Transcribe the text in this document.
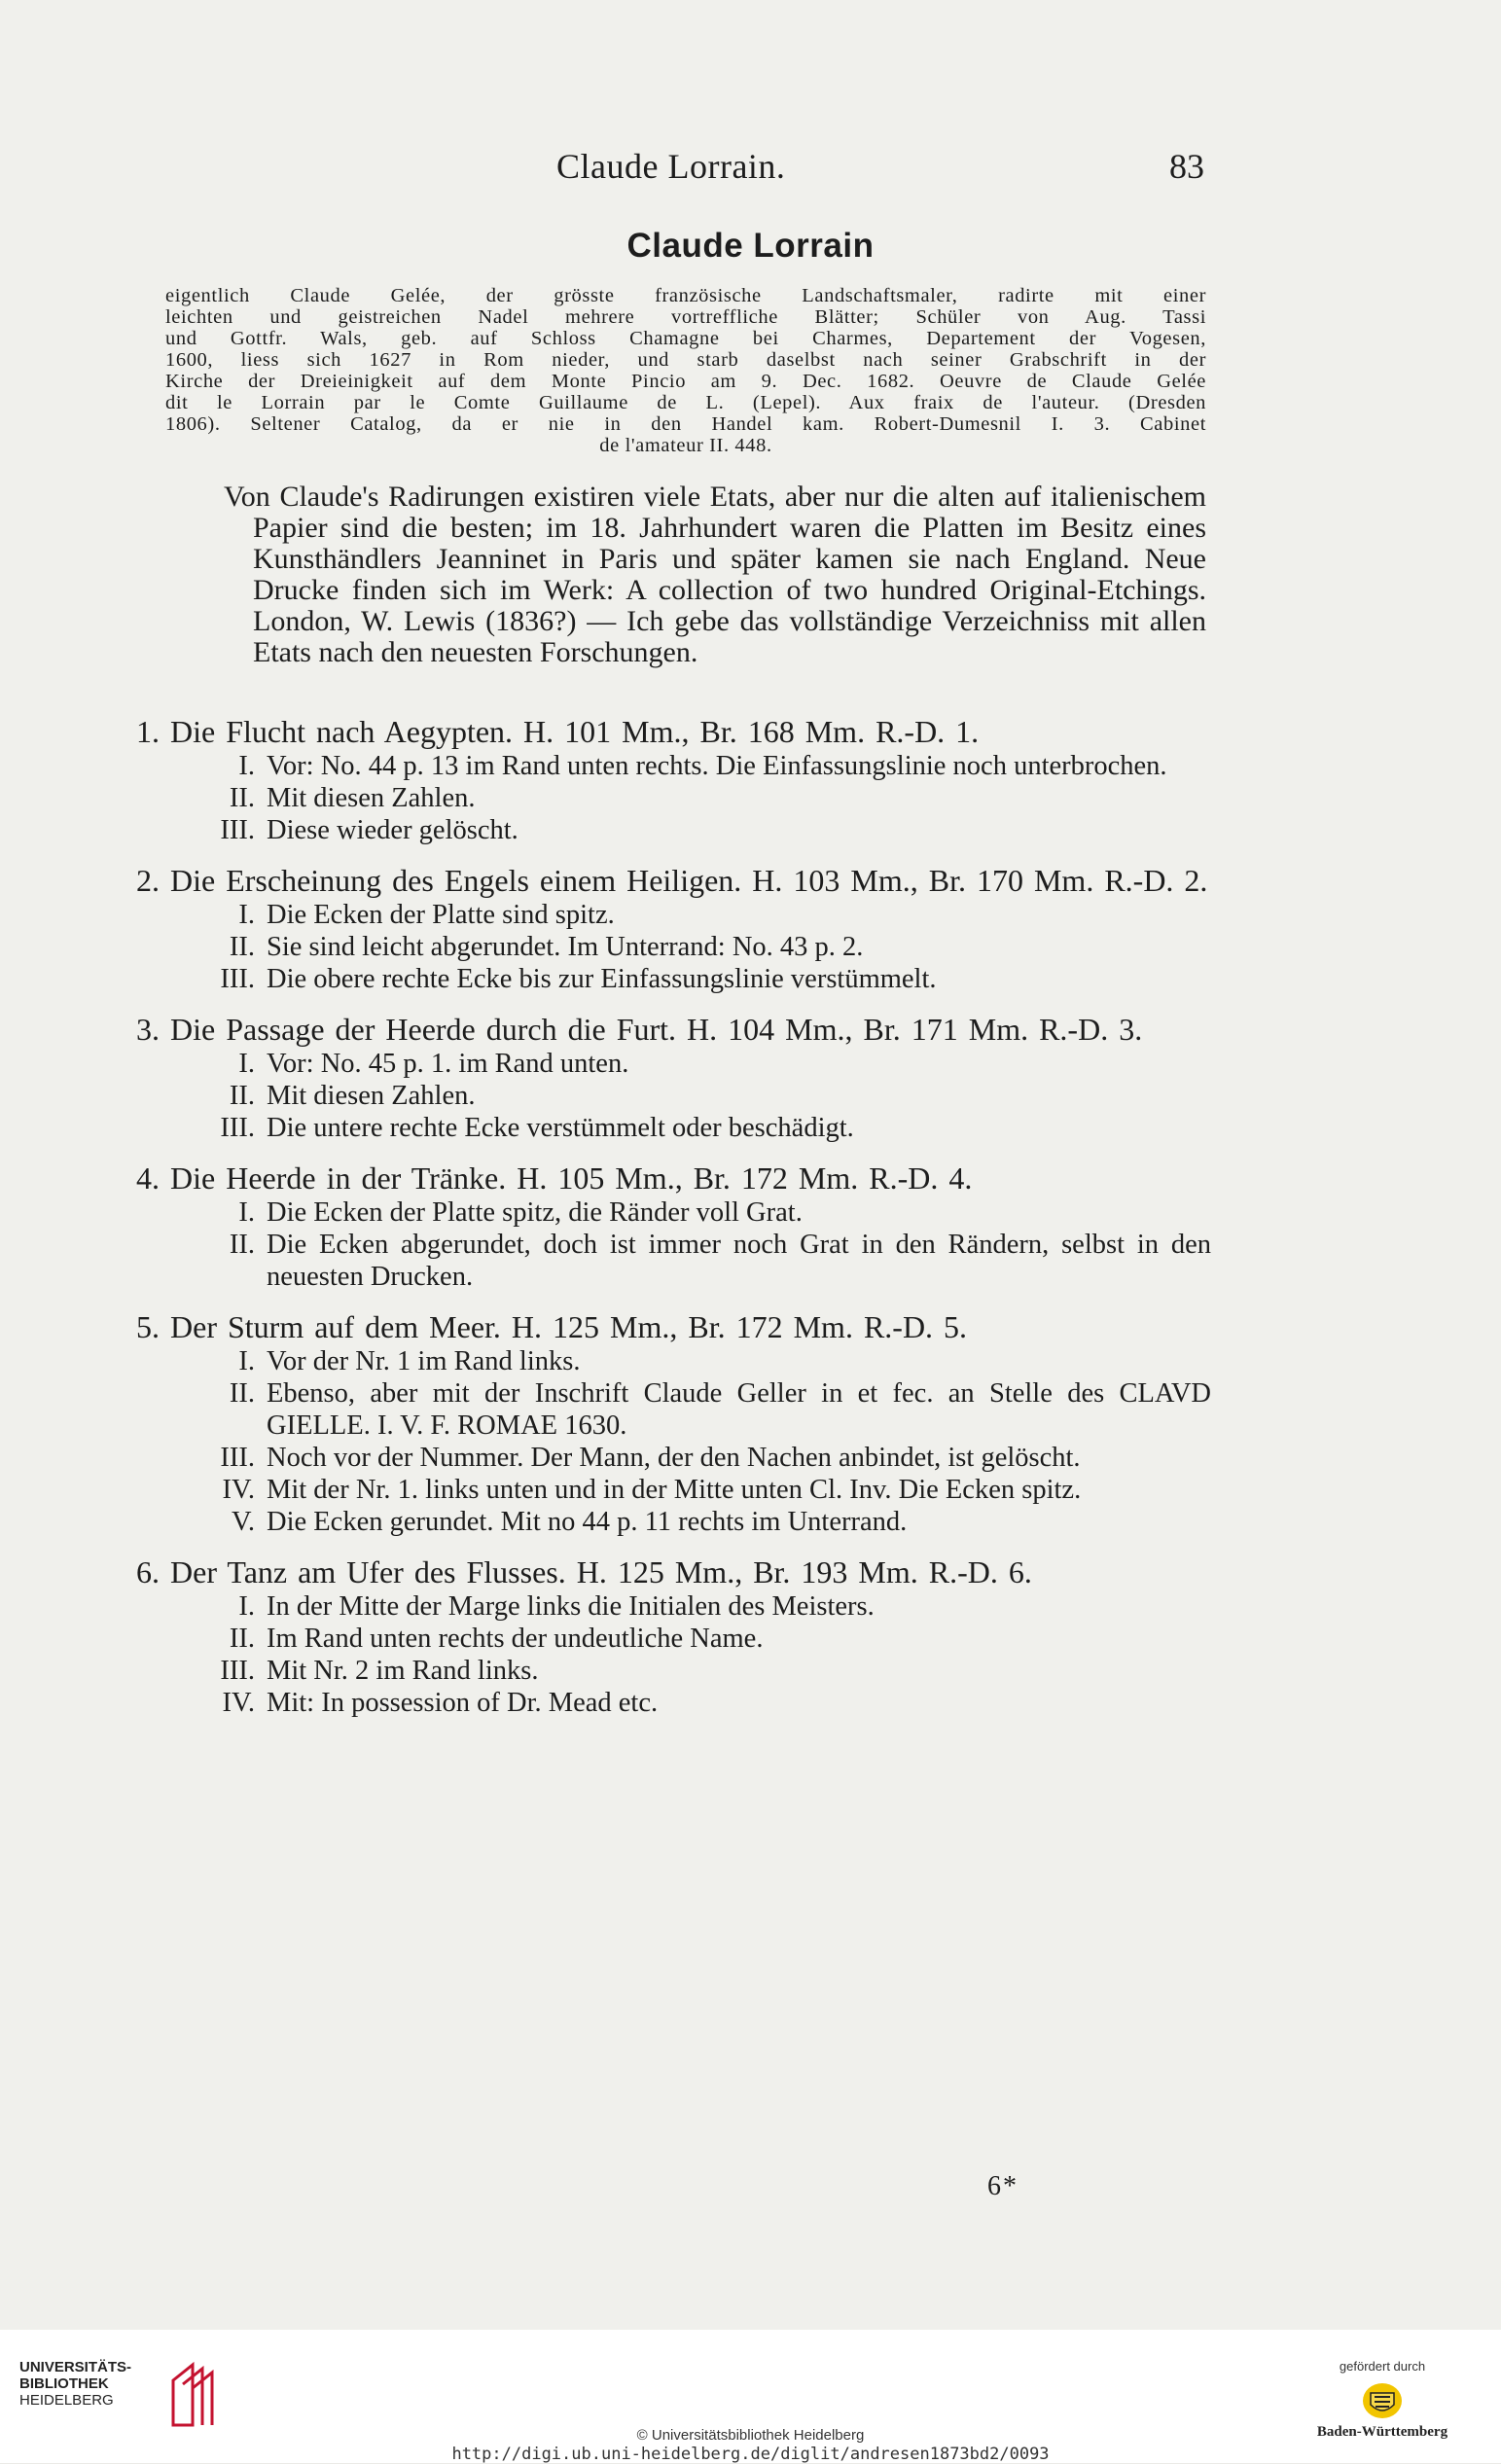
Claude Lorrain.	83
Claude Lorrain
eigentlich Claude Gelée, der grösste französische Landschaftsmaler, radirte mit einer
leichten und geistreichen Nadel mehrere vortreffliche Blätter; Schüler von Aug. Tassi
und Gottfr. Wals, geb. auf Schloss Chamagne bei Charmes, Departement der Vogesen,
1600, liess sich 1627 in Rom nieder, und starb daselbst nach seiner Grabschrift in der
Kirche der Dreieinigkeit auf dem Monte Pincio am 9. Dec. 1682. Oeuvre de Claude Gelée
dit le Lorrain par le Comte Guillaume de L. (Lepel). Aux fraix de l'auteur. (Dresden
1806). Seltener Catalog, da er nie in den Handel kam. Robert-Dumesnil I. 3. Cabinet
de l'amateur II. 448.

Von Claude's Radirungen existiren viele Etats, aber nur die alten auf italienischem Papier sind die besten; im 18. Jahrhundert waren die Platten im Besitz eines Kunsthändlers Jeanninet in Paris und später kamen sie nach England. Neue Drucke finden sich im Werk: A collection of two hundred Original-Etchings. London, W. Lewis (1836?) — Ich gebe das vollständige Verzeichniss mit allen Etats nach den neuesten Forschungen.

1. Die Flucht nach Aegypten. H. 101 Mm., Br. 168 Mm. R.-D. 1.
I. Vor: No. 44 p. 13 im Rand unten rechts. Die Einfassungslinie noch unterbrochen.
II. Mit diesen Zahlen.
III. Diese wieder gelöscht.
2. Die Erscheinung des Engels einem Heiligen. H. 103 Mm., Br. 170 Mm. R.-D. 2.
I. Die Ecken der Platte sind spitz.
II. Sie sind leicht abgerundet. Im Unterrand: No. 43 p. 2.
III. Die obere rechte Ecke bis zur Einfassungslinie verstümmelt.
3. Die Passage der Heerde durch die Furt. H. 104 Mm., Br. 171 Mm. R.-D. 3.
I. Vor: No. 45 p. 1. im Rand unten.
II. Mit diesen Zahlen.
III. Die untere rechte Ecke verstümmelt oder beschädigt.
4. Die Heerde in der Tränke. H. 105 Mm., Br. 172 Mm. R.-D. 4.
I. Die Ecken der Platte spitz, die Ränder voll Grat.
II. Die Ecken abgerundet, doch ist immer noch Grat in den Rändern, selbst in den neuesten Drucken.
5. Der Sturm auf dem Meer. H. 125 Mm., Br. 172 Mm. R.-D. 5.
I. Vor der Nr. 1 im Rand links.
II. Ebenso, aber mit der Inschrift Claude Geller in et fec. an Stelle des CLAVD GIELLE. I. V. F. ROMAE 1630.
III. Noch vor der Nummer. Der Mann, der den Nachen anbindet, ist gelöscht.
IV. Mit der Nr. 1. links unten und in der Mitte unten Cl. Inv. Die Ecken spitz.
V. Die Ecken gerundet. Mit no 44 p. 11 rechts im Unterrand.
6. Der Tanz am Ufer des Flusses. H. 125 Mm., Br. 193 Mm. R.-D. 6.
I. In der Mitte der Marge links die Initialen des Meisters.
II. Im Rand unten rechts der undeutliche Name.
III. Mit Nr. 2 im Rand links.
IV. Mit: In possession of Dr. Mead etc.
6*
UNIVERSITÄTS-
BIBLIOTHEK
HEIDELBERG
© Universitätsbibliothek Heidelberg
http://digi.ub.uni-heidelberg.de/diglit/andresen1873bd2/0093
gefördert durch
Baden-Württemberg
